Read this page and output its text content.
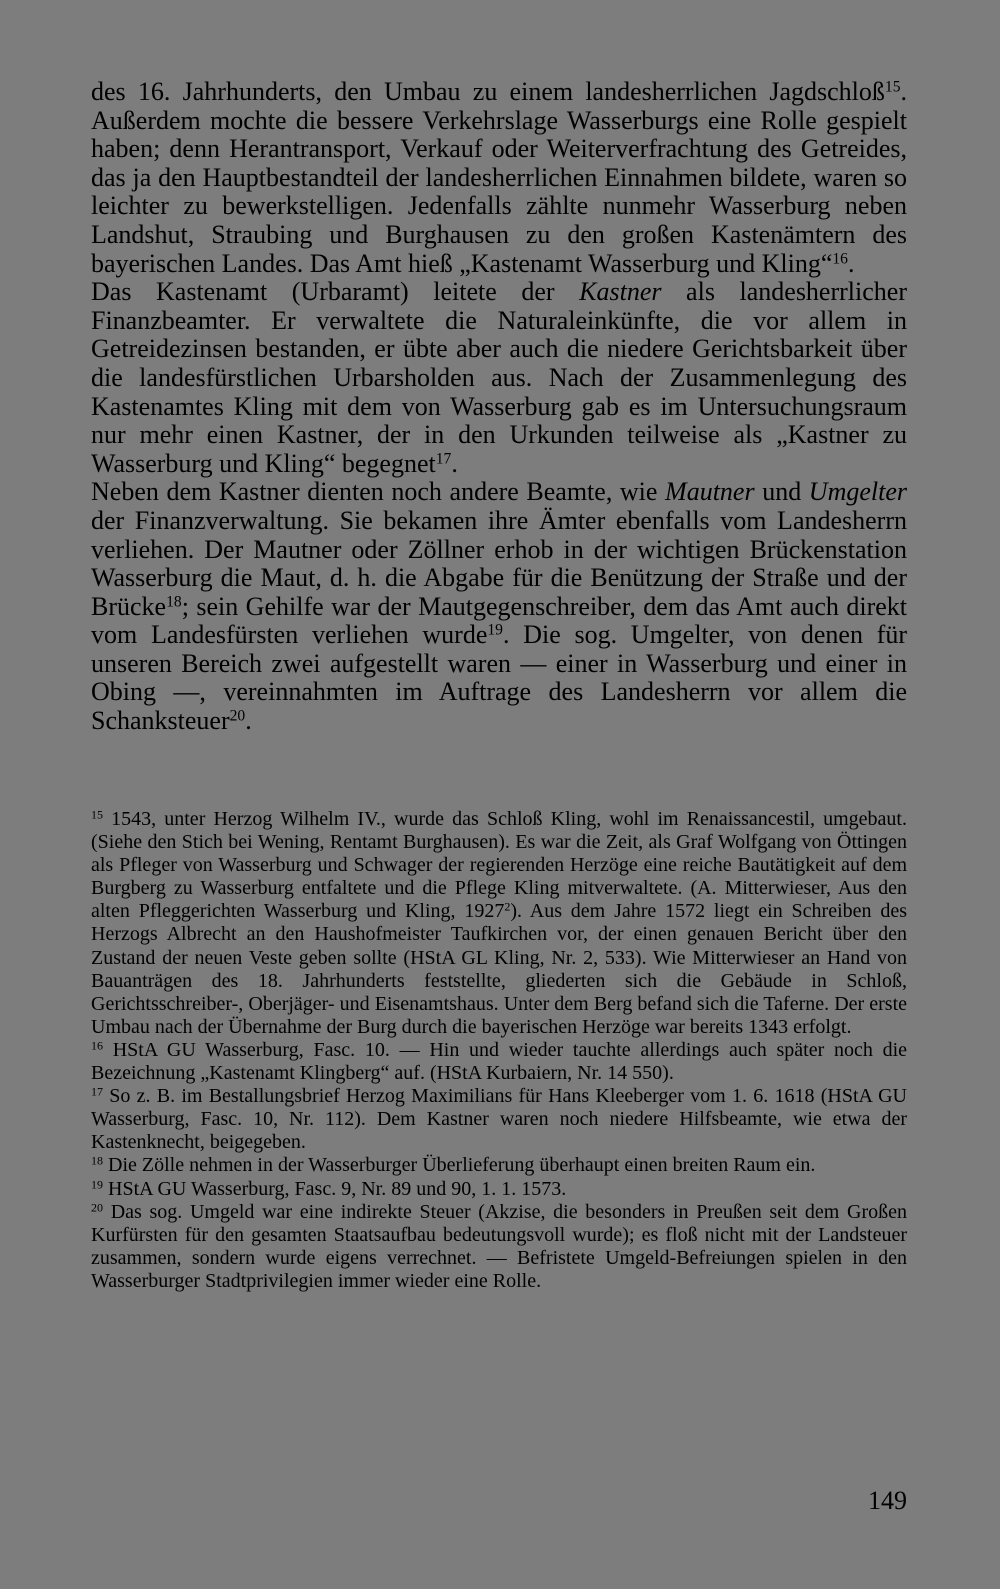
des 16. Jahrhunderts, den Umbau zu einem landesherrlichen Jagdschloß$^{15}$. Außerdem mochte die bessere Verkehrslage Wasserburgs eine Rolle gespielt haben; denn Herantransport, Verkauf oder Weiterverfrachtung des Getreides, das ja den Hauptbestandteil der landesherrlichen Einnahmen bildete, waren so leichter zu bewerkstelligen. Jedenfalls zählte nunmehr Wasserburg neben Landshut, Straubing und Burghausen zu den großen Kastenämtern des bayerischen Landes. Das Amt hieß „Kastenamt Wasserburg und Kling“$^{16}$.

Das Kastenamt (Urbaramt) leitete der Kastner als landesherrlicher Finanzbeamter. Er verwaltete die Naturaleinkünfte, die vor allem in Getreidezinsen bestanden, er übte aber auch die niedere Gerichtsbarkeit über die landesfürstlichen Urbarsholden aus. Nach der Zusammenlegung des Kastenamtes Kling mit dem von Wasserburg gab es im Untersuchungsraum nur mehr einen Kastner, der in den Urkunden teilweise als „Kastner zu Wasserburg und Kling“ begegnet$^{17}$.

Neben dem Kastner dienten noch andere Beamte, wie Mautner und Umgelter der Finanzverwaltung. Sie bekamen ihre Ämter ebenfalls vom Landesherrn verliehen. Der Mautner oder Zöllner erhob in der wichtigen Brückenstation Wasserburg die Maut, d. h. die Abgabe für die Benützung der Straße und der Brücke$^{18}$; sein Gehilfe war der Mautgegenschreiber, dem das Amt auch direkt vom Landesfürsten verliehen wurde$^{19}$. Die sog. Umgelter, von denen für unseren Bereich zwei aufgestellt waren — einer in Wasserburg und einer in Obing —, vereinnahmten im Auftrage des Landesherrn vor allem die Schanksteuer$^{20}$.

$^{15}$ 1543, unter Herzog Wilhelm IV., wurde das Schloß Kling, wohl im Renaissancestil, umgebaut. (Siehe den Stich bei Wening, Rentamt Burghausen). Es war die Zeit, als Graf Wolfgang von Öttingen als Pfleger von Wasserburg und Schwager der regierenden Herzöge eine reiche Bautätigkeit auf dem Burgberg zu Wasserburg entfaltete und die Pflege Kling mitverwaltete. (A. Mitterwieser, Aus den alten Pfleggerichten Wasserburg und Kling, 1927$^2$). Aus dem Jahre 1572 liegt ein Schreiben des Herzogs Albrecht an den Haushofmeister Taufkirchen vor, der einen genauen Bericht über den Zustand der neuen Veste geben sollte (HStA GL Kling, Nr. 2, 533). Wie Mitterwieser an Hand von Bauanträgen des 18. Jahrhunderts feststellte, gliederten sich die Gebäude in Schloß, Gerichtsschreiber-, Oberjäger- und Eisenamtshaus. Unter dem Berg befand sich die Taferne. Der erste Umbau nach der Übernahme der Burg durch die bayerischen Herzöge war bereits 1343 erfolgt.

$^{16}$ HStA GU Wasserburg, Fasc. 10. — Hin und wieder tauchte allerdings auch später noch die Bezeichnung „Kastenamt Klingberg“ auf. (HStA Kurbaiern, Nr. 14 550).

$^{17}$ So z. B. im Bestallungsbrief Herzog Maximilians für Hans Kleeberger vom 1. 6. 1618 (HStA GU Wasserburg, Fasc. 10, Nr. 112). Dem Kastner waren noch niedere Hilfsbeamte, wie etwa der Kastenknecht, beigegeben.

$^{18}$ Die Zölle nehmen in der Wasserburger Überlieferung überhaupt einen breiten Raum ein.

$^{19}$ HStA GU Wasserburg, Fasc. 9, Nr. 89 und 90, 1. 1. 1573.

$^{20}$ Das sog. Umgeld war eine indirekte Steuer (Akzise, die besonders in Preußen seit dem Großen Kurfürsten für den gesamten Staatsaufbau bedeutungsvoll wurde); es floß nicht mit der Landsteuer zusammen, sondern wurde eigens verrechnet. — Befristete Umgeld-Befreiungen spielen in den Wasserburger Stadtprivilegien immer wieder eine Rolle.

149
